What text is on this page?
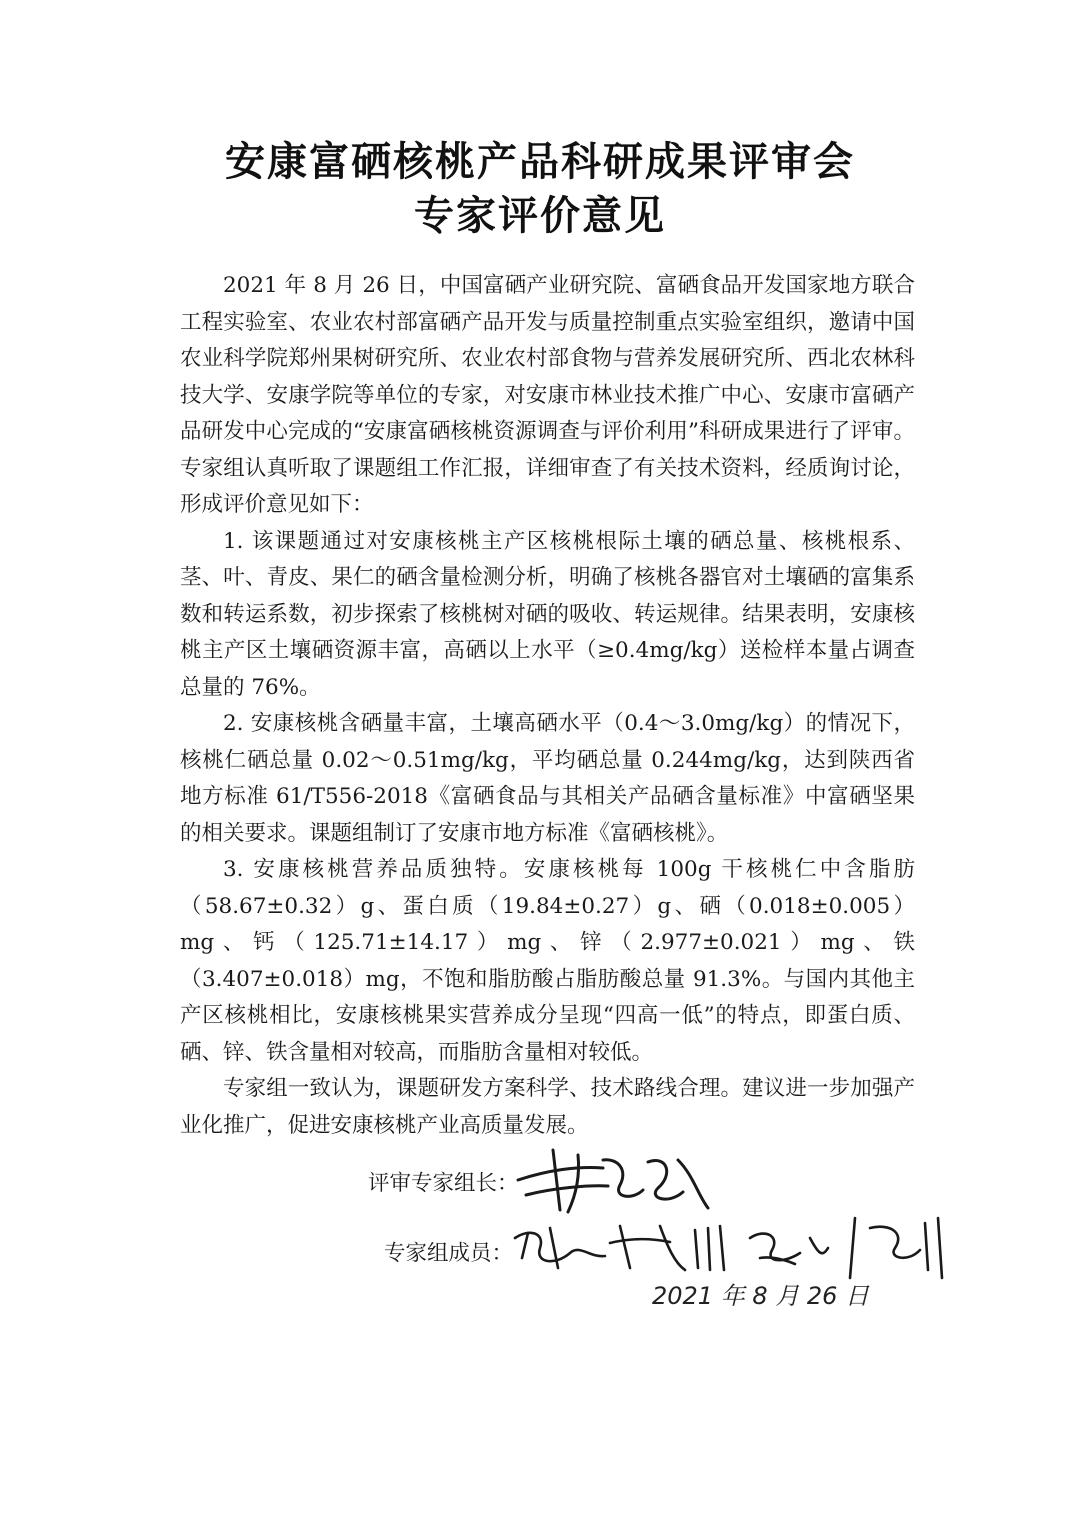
安康富硒核桃产品科研成果评审会
专家评价意见

2021 年 8 月 26 日，中国富硒产业研究院、富硒食品开发国家地方联合工程实验室、农业农村部富硒产品开发与质量控制重点实验室组织，邀请中国农业科学院郑州果树研究所、农业农村部食物与营养发展研究所、西北农林科技大学、安康学院等单位的专家，对安康市林业技术推广中心、安康市富硒产品研发中心完成的“安康富硒核桃资源调查与评价利用”科研成果进行了评审。专家组认真听取了课题组工作汇报，详细审查了有关技术资料，经质询讨论，形成评价意见如下：

1. 该课题通过对安康核桃主产区核桃根际土壤的硒总量、核桃根系、茎、叶、青皮、果仁的硒含量检测分析，明确了核桃各器官对土壤硒的富集系数和转运系数，初步探索了核桃树对硒的吸收、转运规律。结果表明，安康核桃主产区土壤硒资源丰富，高硒以上水平（≥0.4mg/kg）送检样本量占调查总量的 76%。

2. 安康核桃含硒量丰富，土壤高硒水平（0.4～3.0mg/kg）的情况下，核桃仁硒总量 0.02～0.51mg/kg，平均硒总量 0.244mg/kg，达到陕西省地方标准 61/T556-2018《富硒食品与其相关产品硒含量标准》中富硒坚果的相关要求。课题组制订了安康市地方标准《富硒核桃》。

3. 安康核桃营养品质独特。安康核桃每 100g 干核桃仁中含脂肪（58.67±0.32）g、蛋白质（19.84±0.27）g、硒（0.018±0.005）mg、钙（125.71±14.17）mg、锌（2.977±0.021）mg、铁（3.407±0.018）mg，不饱和脂肪酸占脂肪酸总量 91.3%。与国内其他主产区核桃相比，安康核桃果实营养成分呈现“四高一低”的特点，即蛋白质、硒、锌、铁含量相对较高，而脂肪含量相对较低。

专家组一致认为，课题研发方案科学、技术路线合理。建议进一步加强产业化推广，促进安康核桃产业高质量发展。

评审专家组长：
专家组成员：
2021 年 8 月 26 日
